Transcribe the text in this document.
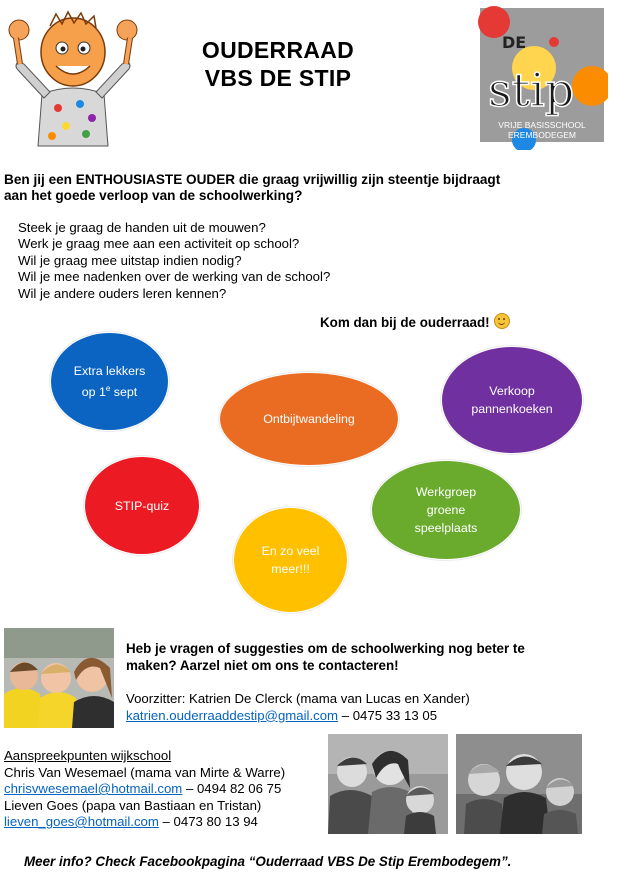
OUDERRAAD
VBS DE STIP
DE
stip
VRIJE BASISSCHOOL
EREMBODEGEM
Ben jij een ENTHOUSIASTE OUDER die graag vrijwillig zijn steentje bijdraagt
aan het goede verloop van de schoolwerking?
Steek je graag de handen uit de mouwen?
Werk je graag mee aan een activiteit op school?
Wil je graag mee uitstap indien nodig?
Wil je mee nadenken over de werking van de school?
Wil je andere ouders leren kennen?
Kom dan bij de ouderraad!
Extra lekkers
op 1e sept
Ontbijtwandeling
Verkoop
pannenkoeken
STIP-quiz
Werkgroep
groene
speelplaats
En zo veel
meer!!!
Heb je vragen of suggesties om de schoolwerking nog beter te
maken? Aarzel niet om ons te contacteren!
Voorzitter: Katrien De Clerck (mama van Lucas en Xander)
katrien.ouderraaddestip@gmail.com – 0475 33 13 05
Aanspreekpunten wijkschool
Chris Van Wesemael (mama van Mirte & Warre)
chrisvwesemael@hotmail.com – 0494 82 06 75
Lieven Goes (papa van Bastiaan en Tristan)
lieven_goes@hotmail.com – 0473 80 13 94
Meer info? Check Facebookpagina “Ouderraad VBS De Stip Erembodegem”.
